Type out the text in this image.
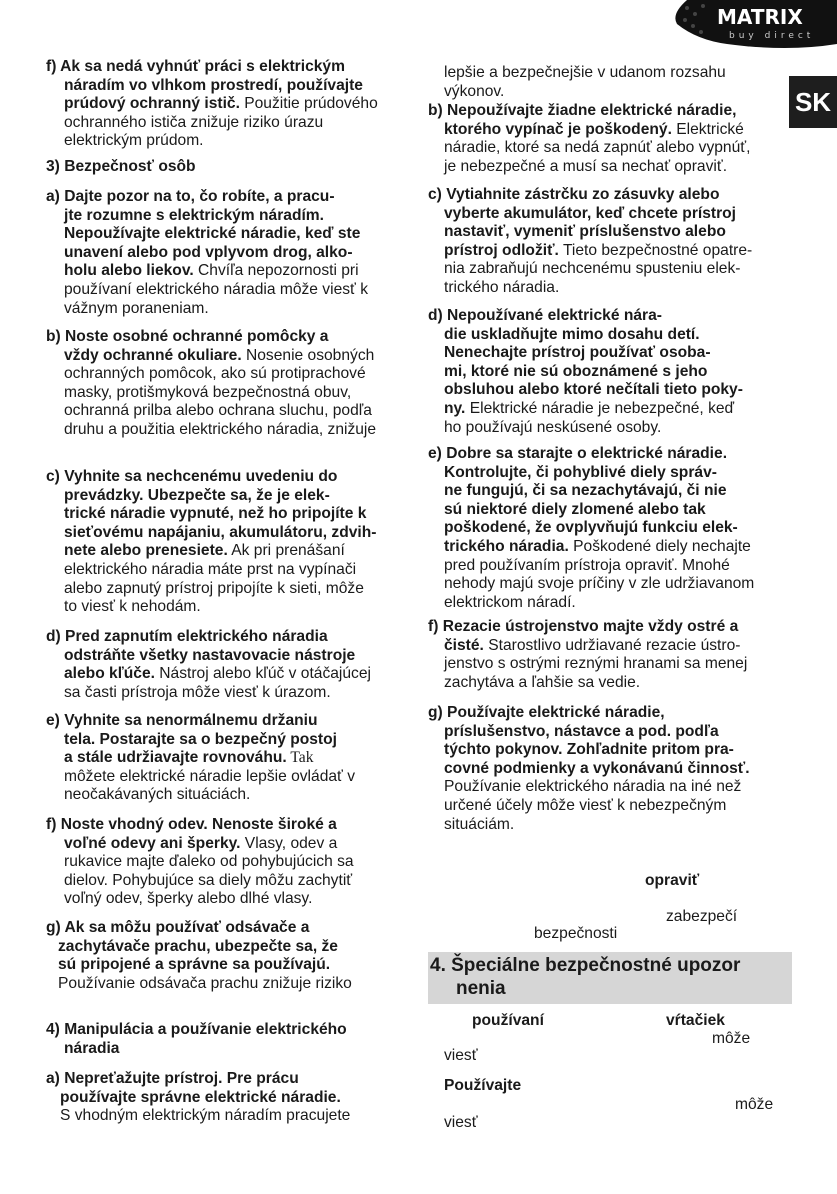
MATRIX
buy direct
SK
f) Ak sa nedá vyhnúť práci s elektrickým
náradím vo vlhkom prostredí, používajte
prúdový ochranný istič. Použitie prúdového
ochranného ističa znižuje riziko úrazu
elektrickým prúdom.
3) Bezpečnosť osôb
a) Dajte pozor na to, čo robíte, a pracu-
jte rozumne s elektrickým náradím.
Nepoužívajte elektrické náradie, keď ste
unavení alebo pod vplyvom drog, alko-
holu alebo liekov. Chvíľa nepozornosti pri
používaní elektrického náradia môže viesť k
vážnym poraneniam.
b) Noste osobné ochranné pomôcky a
vždy ochranné okuliare. Nosenie osobných
ochranných pomôcok, ako sú protiprachové
masky, protišmyková bezpečnostná obuv,
ochranná prilba alebo ochrana sluchu, podľa
druhu a použitia elektrického náradia, znižuje
c) Vyhnite sa nechcenému uvedeniu do
prevádzky. Ubezpečte sa, že je elek-
trické náradie vypnuté, než ho pripojíte k
sieťovému napájaniu, akumulátoru, zdvih-
nete alebo prenesiete. Ak pri prenášaní
elektrického náradia máte prst na vypínači
alebo zapnutý prístroj pripojíte k sieti, môže
to viesť k nehodám.
d) Pred zapnutím elektrického náradia
odstráňte všetky nastavovacie nástroje
alebo kľúče. Nástroj alebo kľúč v otáčajúcej
sa časti prístroja môže viesť k úrazom.
e) Vyhnite sa nenormálnemu držaniu
tela. Postarajte sa o bezpečný postoj
a stále udržiavajte rovnováhu. Tak
môžete elektrické náradie lepšie ovládať v
neočakávaných situáciách.
f) Noste vhodný odev. Nenoste široké a
voľné odevy ani šperky. Vlasy, odev a
rukavice majte ďaleko od pohybujúcich sa
dielov. Pohybujúce sa diely môžu zachytiť
voľný odev, šperky alebo dlhé vlasy.
g) Ak sa môžu používať odsávače a
zachytávače prachu, ubezpečte sa, že
sú pripojené a správne sa používajú.
Používanie odsávača prachu znižuje riziko
4) Manipulácia a používanie elektrického
náradia
a) Nepreťažujte prístroj. Pre prácu
používajte správne elektrické náradie.
S vhodným elektrickým náradím pracujete
lepšie a bezpečnejšie v udanom rozsahu
výkonov.
b) Nepoužívajte žiadne elektrické náradie,
ktorého vypínač je poškodený. Elektrické
náradie, ktoré sa nedá zapnúť alebo vypnúť,
je nebezpečné a musí sa nechať opraviť.
c) Vytiahnite zástrčku zo zásuvky alebo
vyberte akumulátor, keď chcete prístroj
nastaviť, vymeniť príslušenstvo alebo
prístroj odložiť. Tieto bezpečnostné opatre-
nia zabraňujú nechcenému spusteniu elek-
trického náradia.
d) Nepoužívané elektrické nára-
die uskladňujte mimo dosahu detí.
Nenechajte prístroj používať osoba-
mi, ktoré nie sú oboznámené s jeho
obsluhou alebo ktoré nečítali tieto poky-
ny. Elektrické náradie je nebezpečné, keď
ho používajú neskúsené osoby.
e) Dobre sa starajte o elektrické náradie.
Kontrolujte, či pohyblivé diely správ-
ne fungujú, či sa nezachytávajú, či nie
sú niektoré diely zlomené alebo tak
poškodené, že ovplyvňujú funkciu elek-
trického náradia. Poškodené diely nechajte
pred používaním prístroja opraviť. Mnohé
nehody majú svoje príčiny v zle udržiavanom
elektrickom náradí.
f) Rezacie ústrojenstvo majte vždy ostré a
čisté. Starostlivo udržiavané rezacie ústro-
jenstvo s ostrými reznými hranami sa menej
zachytáva a ľahšie sa vedie.
g) Používajte elektrické náradie,
príslušenstvo, nástavce a pod. podľa
týchto pokynov. Zohľadnite pritom pra-
covné podmienky a vykonávanú činnosť.
Používanie elektrického náradia na iné než
určené účely môže viesť k nebezpečným
situáciám.
opraviť
zabezpečí
bezpečnosti
4. Špeciálne bezpečnostné upozor
nenia
používaní	vŕtačiek
môže
viesť
Používajte
môže
viesť
